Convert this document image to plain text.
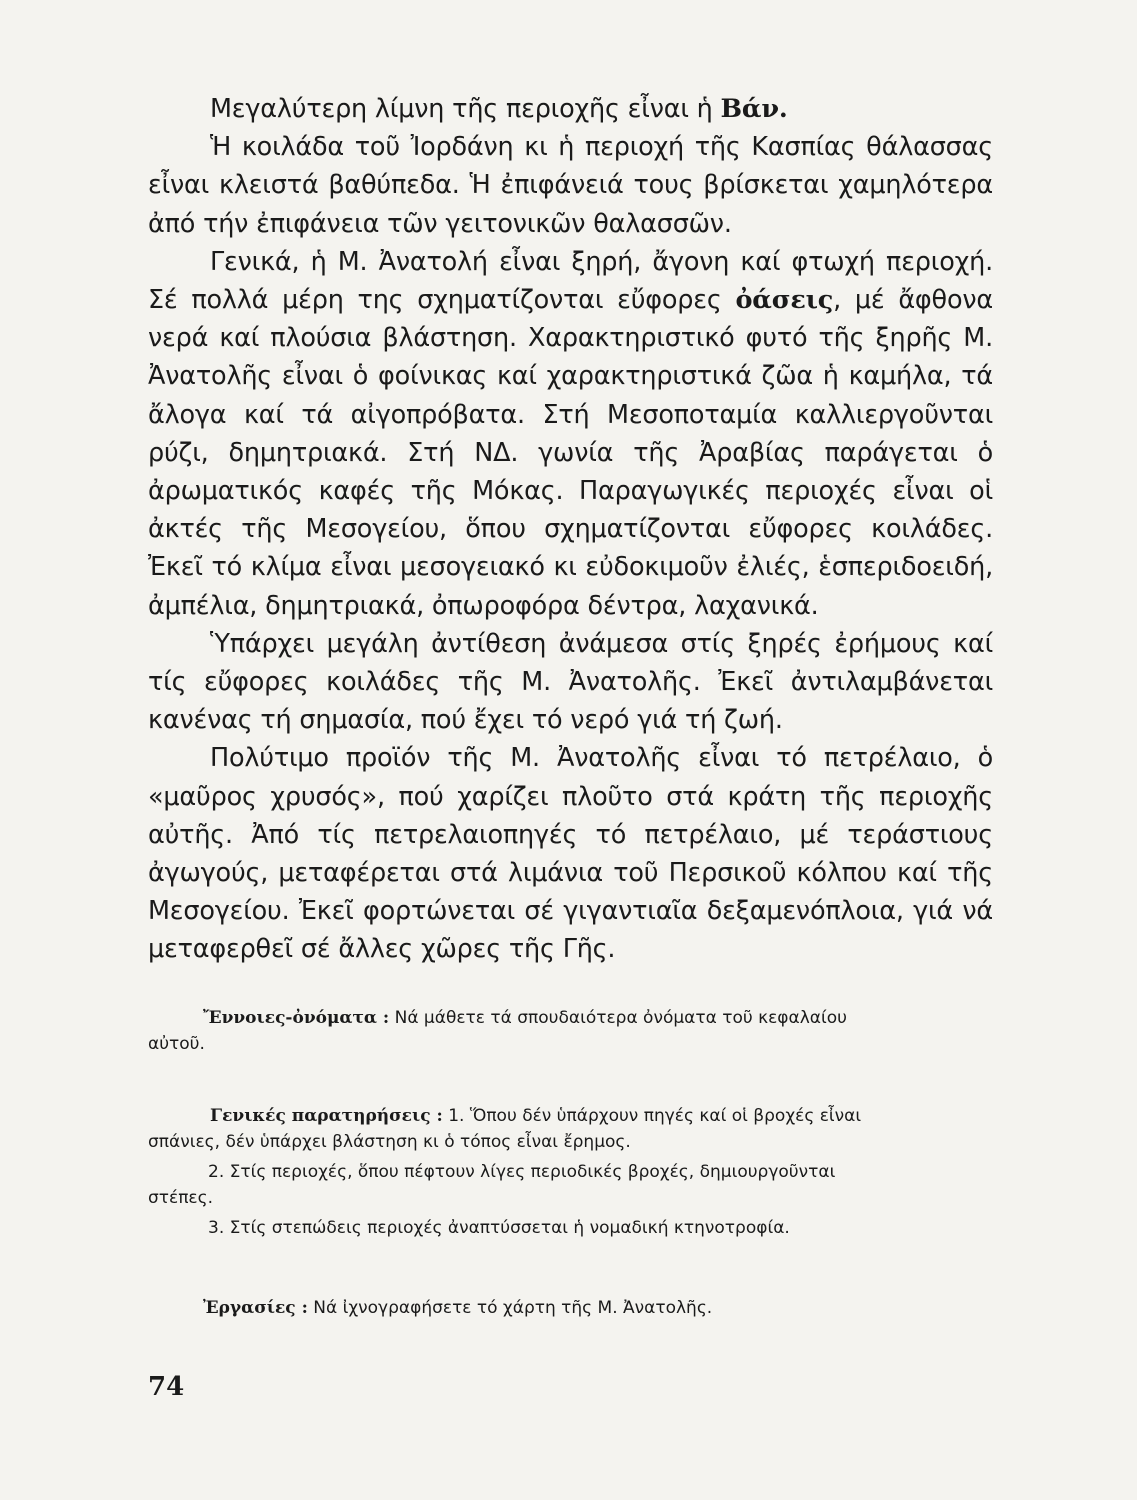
Μεγαλύτερη λίμνη τῆς περιοχῆς εἶναι ἡ Βάν.

Ἡ κοιλάδα τοῦ Ἰορδάνη κι ἡ περιοχή τῆς Κασπίας θάλασσας εἶναι κλειστά βαθύπεδα. Ἡ ἐπιφάνειά τους βρίσκεται χαμηλότερα ἀπό τήν ἐπιφάνεια τῶν γειτονικῶν θαλασσῶν.

Γενικά, ἡ Μ. Ἀνατολή εἶναι ξηρή, ἄγονη καί φτωχή περιοχή. Σέ πολλά μέρη της σχηματίζονται εὔφορες ὀάσεις, μέ ἄφθονα νερά καί πλούσια βλάστηση. Χαρακτηριστικό φυτό τῆς ξηρῆς Μ. Ἀνατολῆς εἶναι ὁ φοίνικας καί χαρακτηριστικά ζῶα ἡ καμήλα, τά ἄλογα καί τά αἰγοπρόβατα. Στή Μεσοποταμία καλλιεργοῦνται ρύζι, δημητριακά. Στή ΝΔ. γωνία τῆς Ἀραβίας παράγεται ὁ ἀρωματικός καφές τῆς Μόκας. Παραγωγικές περιοχές εἶναι οἱ ἀκτές τῆς Μεσογείου, ὅπου σχηματίζονται εὔφορες κοιλάδες. Ἐκεῖ τό κλίμα εἶναι μεσογειακό κι εὐδοκιμοῦν ἐλιές, ἑσπεριδοειδή, ἀμπέλια, δημητριακά, ὀπωροφόρα δέντρα, λαχανικά.

Ὑπάρχει μεγάλη ἀντίθεση ἀνάμεσα στίς ξηρές ἐρήμους καί τίς εὔφορες κοιλάδες τῆς Μ. Ἀνατολῆς. Ἐκεῖ ἀντιλαμβάνεται κανένας τή σημασία, πού ἔχει τό νερό γιά τή ζωή.

Πολύτιμο προϊόν τῆς Μ. Ἀνατολῆς εἶναι τό πετρέλαιο, ὁ «μαῦρος χρυσός», πού χαρίζει πλοῦτο στά κράτη τῆς περιοχῆς αὐτῆς. Ἀπό τίς πετρελαιοπηγές τό πετρέλαιο, μέ τεράστιους ἀγωγούς, μεταφέρεται στά λιμάνια τοῦ Περσικοῦ κόλπου καί τῆς Μεσογείου. Ἐκεῖ φορτώνεται σέ γιγαντιαῖα δεξαμενόπλοια, γιά νά μεταφερθεῖ σέ ἄλλες χῶρες τῆς Γῆς.

Ἔννοιες-ὀνόματα : Νά μάθετε τά σπουδαιότερα ὀνόματα τοῦ κεφαλαίου
αὐτοῦ.

Γενικές παρατηρήσεις : 1. Ὅπου δέν ὑπάρχουν πηγές καί οἱ βροχές εἶναι
σπάνιες, δέν ὑπάρχει βλάστηση κι ὁ τόπος εἶναι ἔρημος.

2. Στίς περιοχές, ὅπου πέφτουν λίγες περιοδικές βροχές, δημιουργοῦνται
στέπες.

3. Στίς στεπώδεις περιοχές ἀναπτύσσεται ἡ νομαδική κτηνοτροφία.

Ἐργασίες : Νά ἰχνογραφήσετε τό χάρτη τῆς Μ. Ἀνατολῆς.

74
